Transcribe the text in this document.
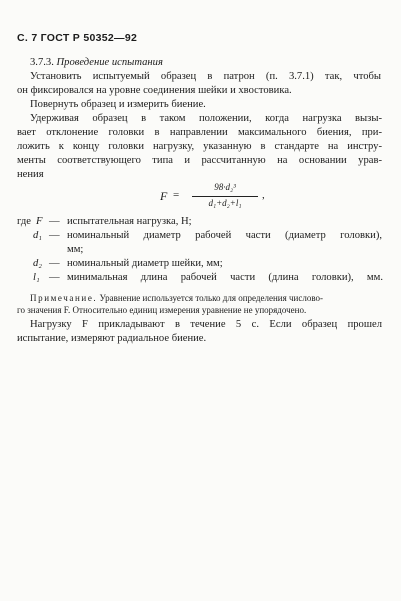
С. 7 ГОСТ Р 50352—92
3.7.3. Проведение испытания
Установить испытуемый образец в патрон (п. 3.7.1) так, чтобы
он фиксировался на уровне соединения шейки и хвостовика.
Повернуть образец и измерить биение.
Удерживая образец в таком положении, когда нагрузка вызы-
вает отклонение головки в направлении максимального биения, при-
ложить к концу головки нагрузку, указанную в стандарте на инстру-
менты соответствующего типа и рассчитанную на основании урав-
нения
F =
98·d₂³
d₁+d₂+l₁
,
где F — испытательная нагрузка, Н;
d₁ — номинальный диаметр рабочей части (диаметр головки),
мм;
d₂ — номинальный диаметр шейки, мм;
l₁ — минимальная длина рабочей части (длина головки), мм.
Примечание. Уравнение используется только для определения числово-
го значения F. Относительно единиц измерения уравнение не упорядочено.
Нагрузку F прикладывают в течение 5 с. Если образец прошел
испытание, измеряют радиальное биение.
